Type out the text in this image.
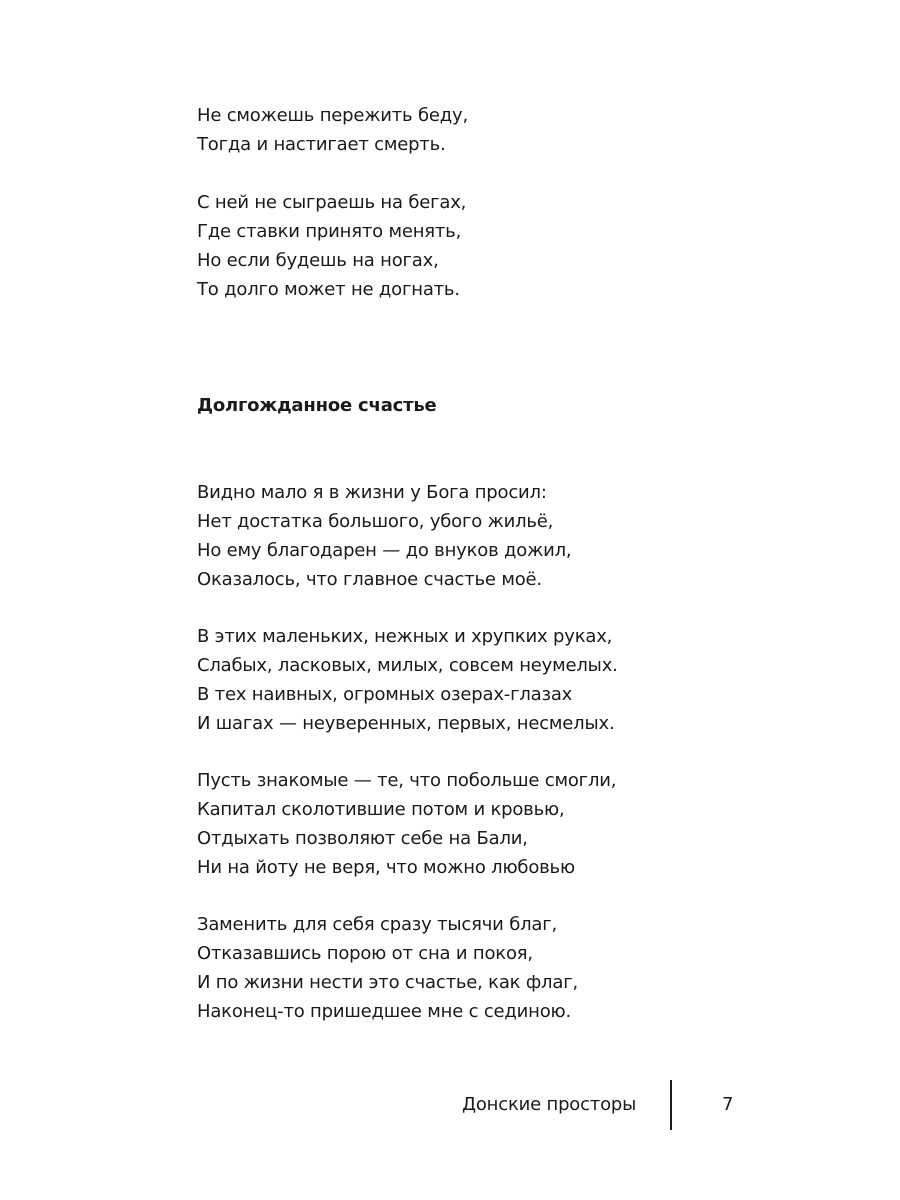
Не сможешь пережить беду,
Тогда и настигает смерть.
С ней не сыграешь на бегах,
Где ставки принято менять,
Но если будешь на ногах,
То долго может не догнать.
Долгожданное счастье
Видно мало я в жизни у Бога просил:
Нет достатка большого, убого жильё,
Но ему благодарен — до внуков дожил,
Оказалось, что главное счастье моё.
В этих маленьких, нежных и хрупких руках,
Слабых, ласковых, милых, совсем неумелых.
В тех наивных, огромных озерах-глазах
И шагах — неуверенных, первых, несмелых.
Пусть знакомые — те, что побольше смогли,
Капитал сколотившие потом и кровью,
Отдыхать позволяют себе на Бали,
Ни на йоту не веря, что можно любовью
Заменить для себя сразу тысячи благ,
Отказавшись порою от сна и покоя,
И по жизни нести это счастье, как флаг,
Наконец-то пришедшее мне с сединою.
Донские просторы	7
